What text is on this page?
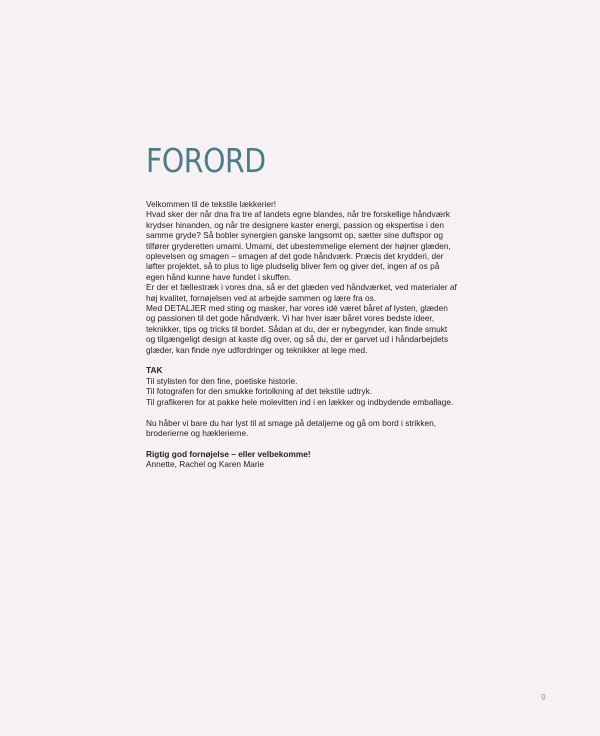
FORORD
Velkommen til de tekstile lækkerier!
Hvad sker der når dna fra tre af landets egne blandes, når tre forskellige håndværk
krydser hinanden, og når tre designere kaster energi, passion og ekspertise i den
samme gryde? Så bobler synergien ganske langsomt op, sætter sine duftspor og
tilfører gryderetten umami. Umami, det ubestemmelige element der højner glæden,
oplevelsen og smagen – smagen af det gode håndværk. Præcis det krydderi, der
løfter projektet, så to plus to lige pludselig bliver fem og giver det, ingen af os på
egen hånd kunne have fundet i skuffen.
Er der et fællestræk i vores dna, så er det glæden ved håndværket, ved materialer af
høj kvalitet, fornøjelsen ved at arbejde sammen og lære fra os.
Med DETALJER med sting og masker, har vores idé været båret af lysten, glæden
og passionen til det gode håndværk. Vi har hver især båret vores bedste ideer,
teknikker, tips og tricks til bordet. Sådan at du, der er nybegynder, kan finde smukt
og tilgængeligt design at kaste dig over, og så du, der er garvet ud i håndarbejdets
glæder, kan finde nye udfordringer og teknikker at lege med.
TAK
Til stylisten for den fine, poetiske historie.
Til fotografen for den smukke fortolkning af det tekstile udtryk.
Til grafikeren for at pakke hele molevitten ind i en lækker og indbydende emballage.
Nu håber vi bare du har lyst til at smage på detaljerne og gå om bord i strikken,
broderierne og hæklerierne.
Rigtig god fornøjelse – eller velbekomme!
Annette, Rachel og Karen Marie
9
